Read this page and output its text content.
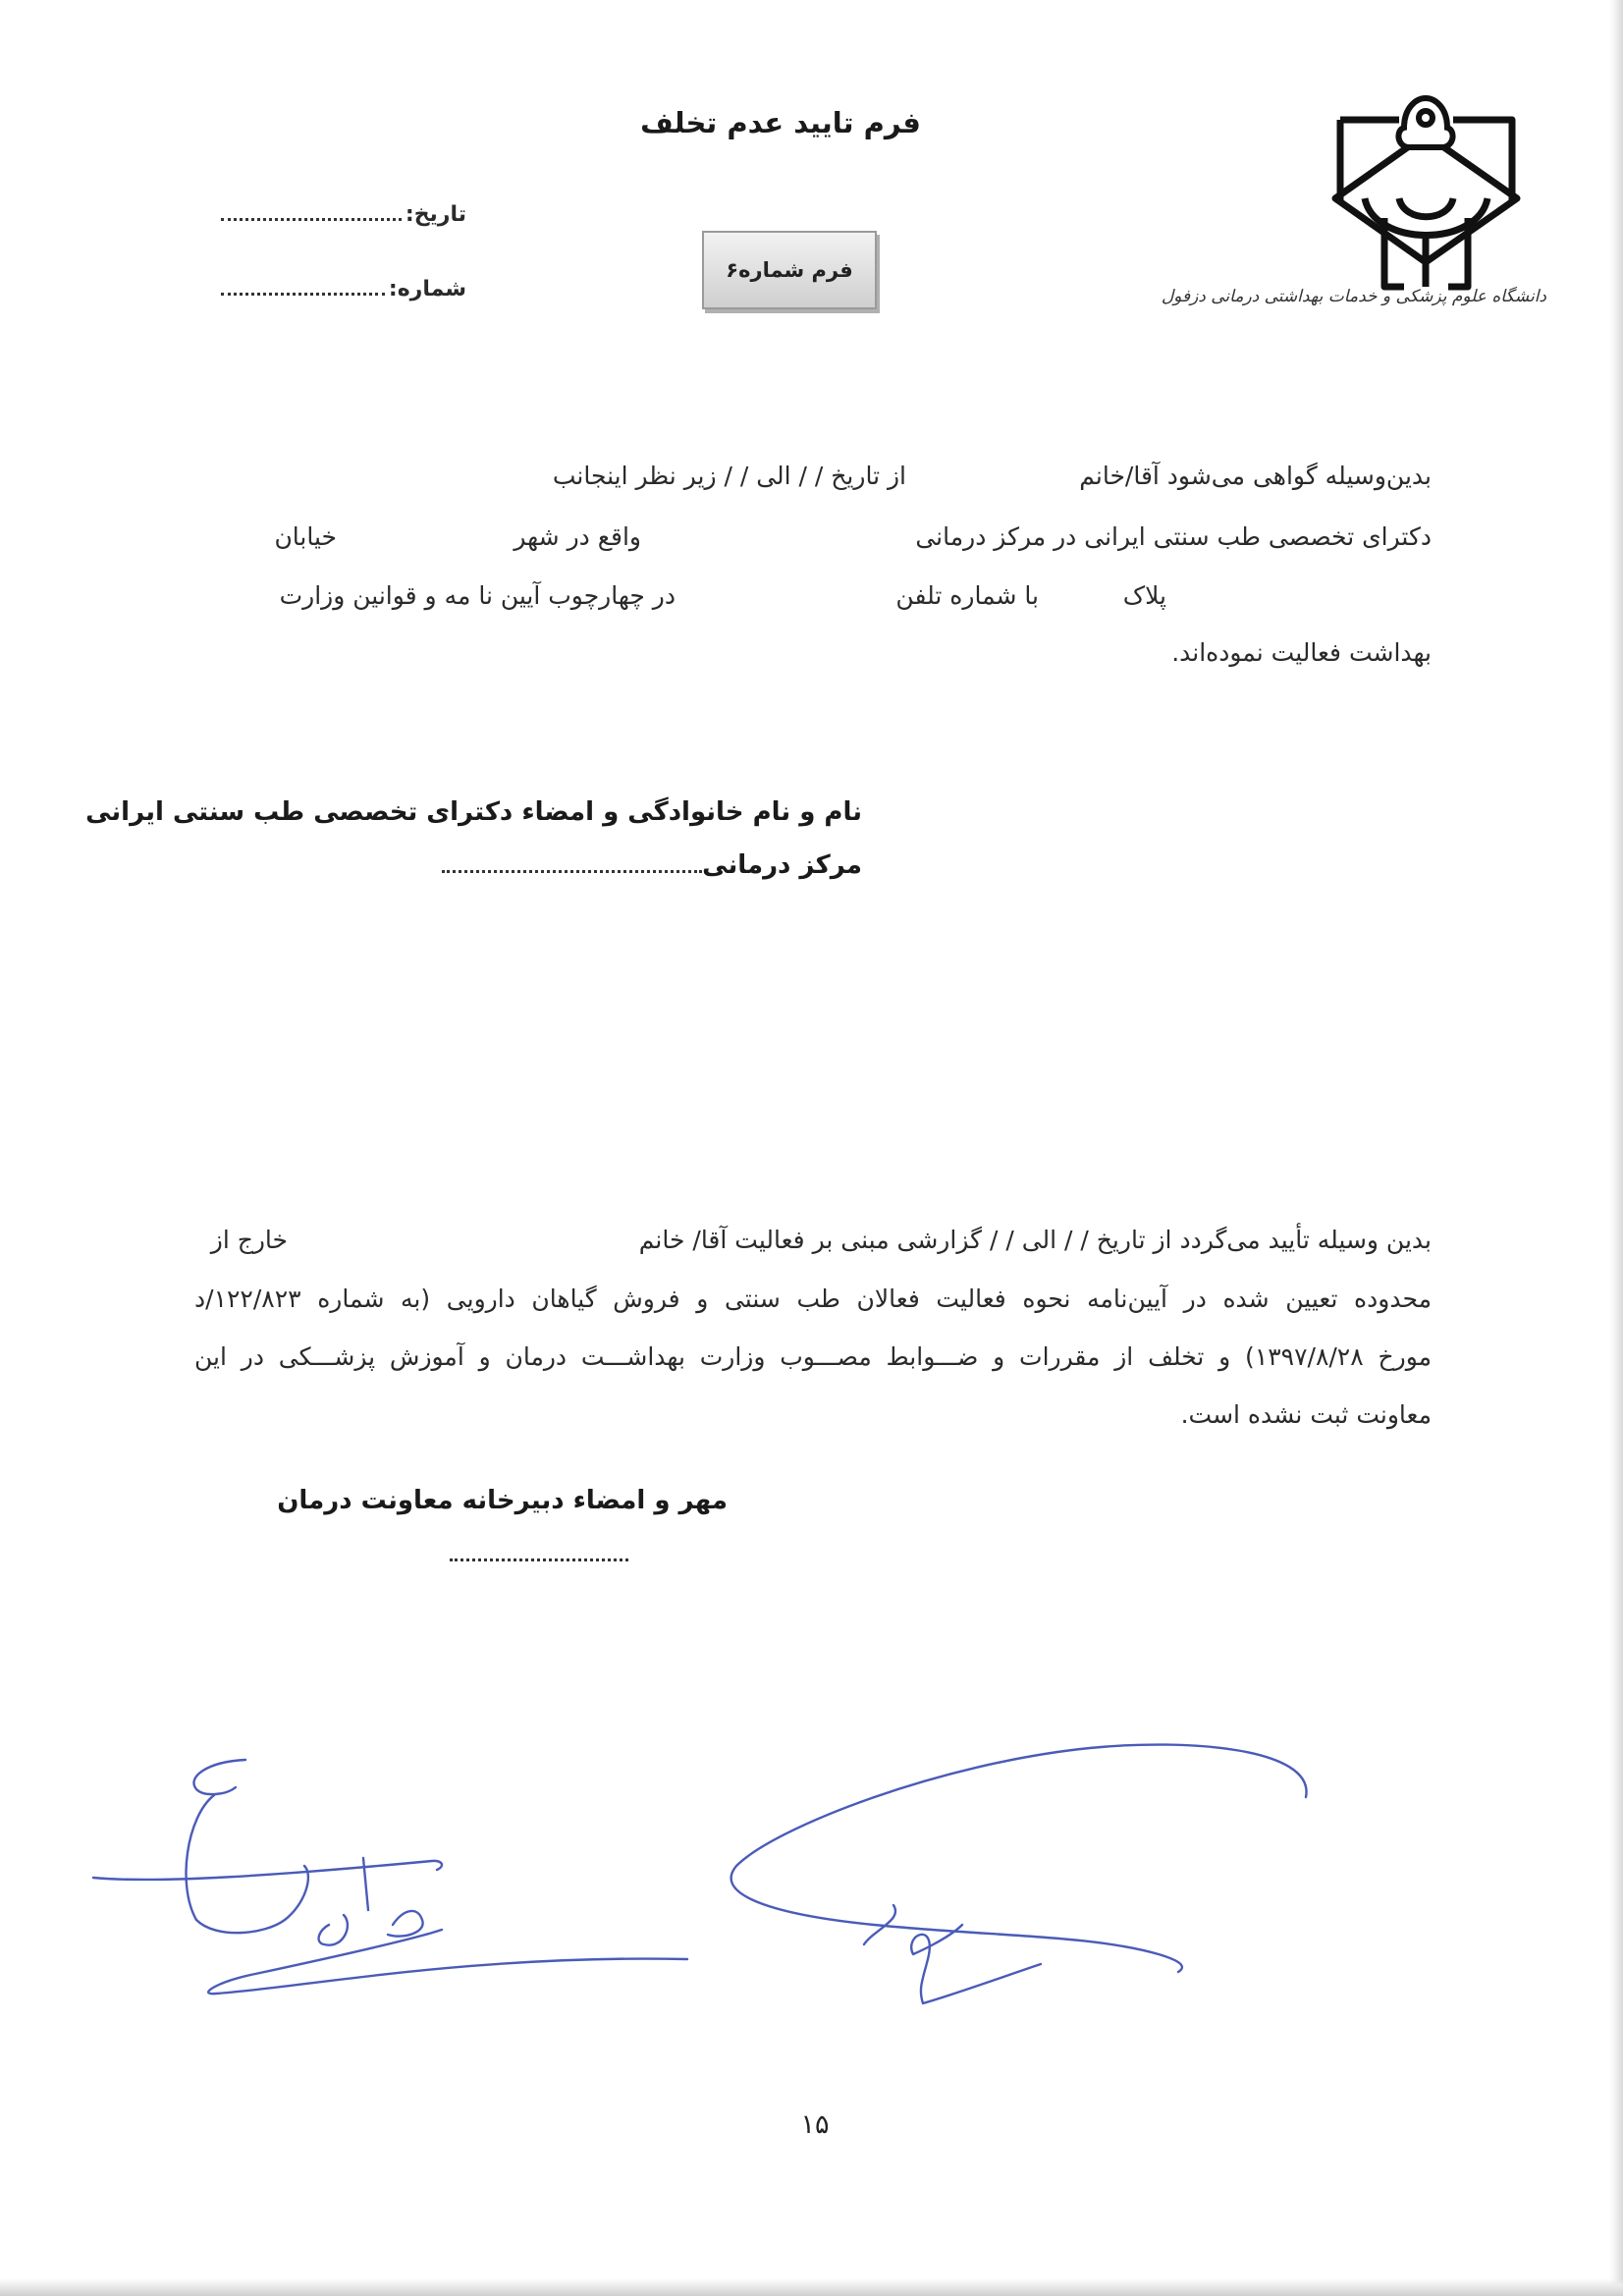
دانشگاه علوم پزشکی و خدمات بهداشتی درمانی دزفول
فرم تایید عدم تخلف
فرم شماره۶
تاریخ:
شماره:
بدین‌وسیله گواهی می‌شود آقا/خانم
از تاریخ / / الی / / زیر نظر اینجانب
دکترای تخصصی طب سنتی ایرانی در مرکز درمانی
واقع در شهر
خیابان
پلاک
با شماره تلفن
در چهارچوب آیین نا مه و قوانین وزارت
بهداشت فعالیت نموده‌اند.
نام و نام خانوادگی و امضاء دکترای تخصصی طب سنتی ایرانی
مرکز درمانی
بدین وسیله تأیید می‌گردد از تاریخ / / الی / / گزارشی مبنی بر فعالیت آقا/ خانم
خارج از
محدوده تعیین شده در آیین‌نامه نحوه فعالیت فعالان طب سنتی و فروش گیاهان دارویی (به شماره ۱۲۲/۸۲۳/د
مورخ ۱۳۹۷/۸/۲۸) و تخلف از مقررات و ضـــوابط مصـــوب وزارت بهداشـــت درمان و آموزش پزشـــکی در این
معاونت ثبت نشده است.
مهر و امضاء دبیرخانه معاونت درمان
۱۵
